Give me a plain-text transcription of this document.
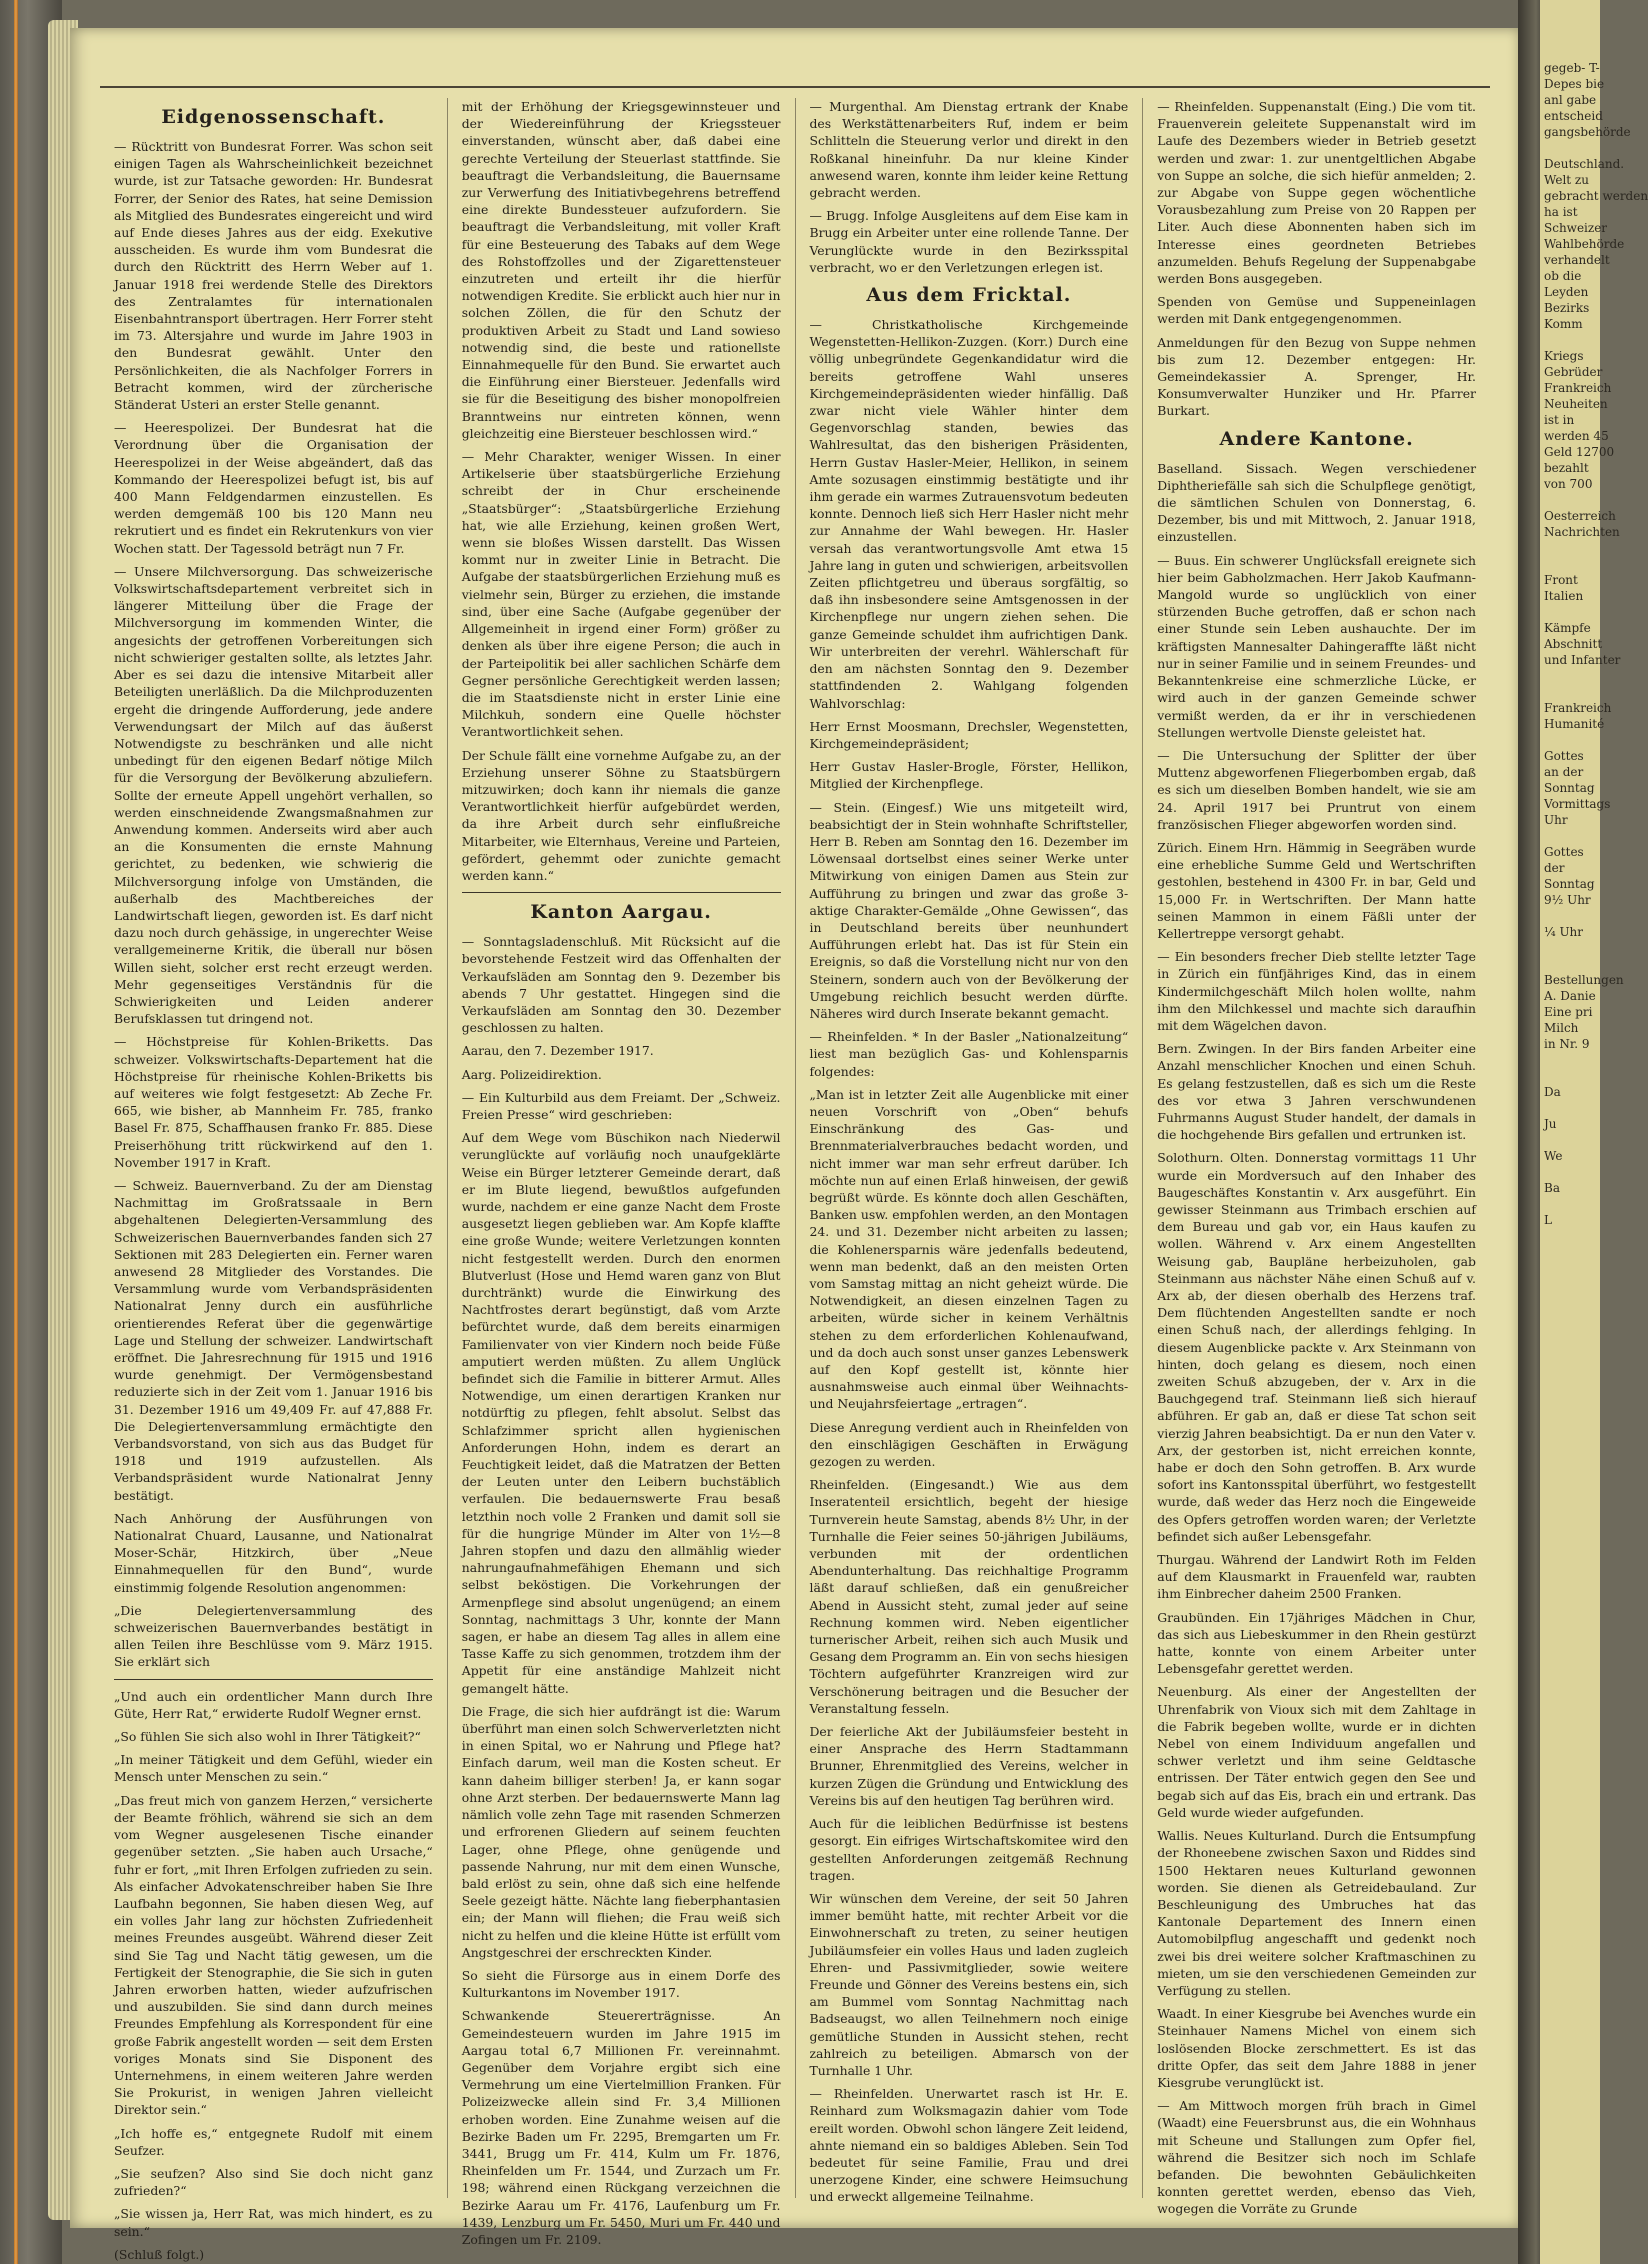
Eidgenossenschaft.

— Rücktritt von Bundesrat Forrer. Was schon seit einigen Tagen als Wahrscheinlichkeit bezeichnet wurde, ist zur Tatsache geworden: Hr. Bundesrat Forrer, der Senior des Rates, hat seine Demission als Mitglied des Bundesrates eingereicht und wird auf Ende dieses Jahres aus der eidg. Exekutive ausscheiden. Es wurde ihm vom Bundesrat die durch den Rücktritt des Herrn Weber auf 1. Januar 1918 frei werdende Stelle des Direktors des Zentralamtes für internationalen Eisenbahntransport übertragen. Herr Forrer steht im 73. Altersjahre und wurde im Jahre 1903 in den Bundesrat gewählt. Unter den Persönlichkeiten, die als Nachfolger Forrers in Betracht kommen, wird der zürcherische Ständerat Usteri an erster Stelle genannt.

— Heerespolizei. Der Bundesrat hat die Verordnung über die Organisation der Heerespolizei in der Weise abgeändert, daß das Kommando der Heerespolizei befugt ist, bis auf 400 Mann Feldgendarmen einzustellen. Es werden demgemäß 100 bis 120 Mann neu rekrutiert und es findet ein Rekrutenkurs von vier Wochen statt. Der Tagessold beträgt nun 7 Fr.

— Unsere Milchversorgung. Das schweizerische Volkswirtschaftsdepartement verbreitet sich in längerer Mitteilung über die Frage der Milchversorgung im kommenden Winter, die angesichts der getroffenen Vorbereitungen sich nicht schwieriger gestalten sollte, als letztes Jahr. Aber es sei dazu die intensive Mitarbeit aller Beteiligten unerläßlich. Da die Milchproduzenten ergeht die dringende Aufforderung, jede andere Verwendungsart der Milch auf das äußerst Notwendigste zu beschränken und alle nicht unbedingt für den eigenen Bedarf nötige Milch für die Versorgung der Bevölkerung abzuliefern. Sollte der erneute Appell ungehört verhallen, so werden einschneidende Zwangsmaßnahmen zur Anwendung kommen. Anderseits wird aber auch an die Konsumenten die ernste Mahnung gerichtet, zu bedenken, wie schwierig die Milchversorgung infolge von Umständen, die außerhalb des Machtbereiches der Landwirtschaft liegen, geworden ist. Es darf nicht dazu noch durch gehässige, in ungerechter Weise verallgemeinerne Kritik, die überall nur bösen Willen sieht, solcher erst recht erzeugt werden. Mehr gegenseitiges Verständnis für die Schwierigkeiten und Leiden anderer Berufsklassen tut dringend not.

— Höchstpreise für Kohlen-Briketts. Das schweizer. Volkswirtschafts-Departement hat die Höchstpreise für rheinische Kohlen-Briketts bis auf weiteres wie folgt festgesetzt: Ab Zeche Fr. 665, wie bisher, ab Mannheim Fr. 785, franko Basel Fr. 875, Schaffhausen franko Fr. 885. Diese Preiserhöhung tritt rückwirkend auf den 1. November 1917 in Kraft.

— Schweiz. Bauernverband. Zu der am Dienstag Nachmittag im Großratssaale in Bern abgehaltenen Delegierten-Versammlung des Schweizerischen Bauernverbandes fanden sich 27 Sektionen mit 283 Delegierten ein. Ferner waren anwesend 28 Mitglieder des Vorstandes. Die Versammlung wurde vom Verbandspräsidenten Nationalrat Jenny durch ein ausführliche orientierendes Referat über die gegenwärtige Lage und Stellung der schweizer. Landwirtschaft eröffnet. Die Jahresrechnung für 1915 und 1916 wurde genehmigt. Der Vermögensbestand reduzierte sich in der Zeit vom 1. Januar 1916 bis 31. Dezember 1916 um 49,409 Fr. auf 47,888 Fr. Die Delegiertenversammlung ermächtigte den Verbandsvorstand, von sich aus das Budget für 1918 und 1919 aufzustellen. Als Verbandspräsident wurde Nationalrat Jenny bestätigt.

Nach Anhörung der Ausführungen von Nationalrat Chuard, Lausanne, und Nationalrat Moser-Schär, Hitzkirch, über „Neue Einnahmequellen für den Bund“, wurde einstimmig folgende Resolution angenommen:

„Die Delegiertenversammlung des schweizerischen Bauernverbandes bestätigt in allen Teilen ihre Beschlüsse vom 9. März 1915. Sie erklärt sich

„Und auch ein ordentlicher Mann durch Ihre Güte, Herr Rat,“ erwiderte Rudolf Wegner ernst.

„So fühlen Sie sich also wohl in Ihrer Tätigkeit?“

„In meiner Tätigkeit und dem Gefühl, wieder ein Mensch unter Menschen zu sein.“

„Das freut mich von ganzem Herzen,“ versicherte der Beamte fröhlich, während sie sich an dem vom Wegner ausgelesenen Tische einander gegenüber setzten. „Sie haben auch Ursache,“ fuhr er fort, „mit Ihren Erfolgen zufrieden zu sein. Als einfacher Advokatenschreiber haben Sie Ihre Laufbahn begonnen, Sie haben diesen Weg, auf ein volles Jahr lang zur höchsten Zufriedenheit meines Freundes ausgeübt. Während dieser Zeit sind Sie Tag und Nacht tätig gewesen, um die Fertigkeit der Stenographie, die Sie sich in guten Jahren erworben hatten, wieder aufzufrischen und auszubilden. Sie sind dann durch meines Freundes Empfehlung als Korrespondent für eine große Fabrik angestellt worden — seit dem Ersten voriges Monats sind Sie Disponent des Unternehmens, in einem weiteren Jahre werden Sie Prokurist, in wenigen Jahren vielleicht Direktor sein.“

„Ich hoffe es,“ entgegnete Rudolf mit einem Seufzer.

„Sie seufzen? Also sind Sie doch nicht ganz zufrieden?“

„Sie wissen ja, Herr Rat, was mich hindert, es zu sein.“

(Schluß folgt.)

mit der Erhöhung der Kriegsgewinnsteuer und der Wiedereinführung der Kriegssteuer einverstanden, wünscht aber, daß dabei eine gerechte Verteilung der Steuerlast stattfinde. Sie beauftragt die Verbandsleitung, die Bauernsame zur Verwerfung des Initiativbegehrens betreffend eine direkte Bundessteuer aufzufordern. Sie beauftragt die Verbandsleitung, mit voller Kraft für eine Besteuerung des Tabaks auf dem Wege des Rohstoffzolles und der Zigarettensteuer einzutreten und erteilt ihr die hierfür notwendigen Kredite. Sie erblickt auch hier nur in solchen Zöllen, die für den Schutz der produktiven Arbeit zu Stadt und Land sowieso notwendig sind, die beste und rationellste Einnahmequelle für den Bund. Sie erwartet auch die Einführung einer Biersteuer. Jedenfalls wird sie für die Beseitigung des bisher monopolfreien Branntweins nur eintreten können, wenn gleichzeitig eine Biersteuer beschlossen wird.“

— Mehr Charakter, weniger Wissen. In einer Artikelserie über staatsbürgerliche Erziehung schreibt der in Chur erscheinende „Staatsbürger“: „Staatsbürgerliche Erziehung hat, wie alle Erziehung, keinen großen Wert, wenn sie bloßes Wissen darstellt. Das Wissen kommt nur in zweiter Linie in Betracht. Die Aufgabe der staatsbürgerlichen Erziehung muß es vielmehr sein, Bürger zu erziehen, die imstande sind, über eine Sache (Aufgabe gegenüber der Allgemeinheit in irgend einer Form) größer zu denken als über ihre eigene Person; die auch in der Parteipolitik bei aller sachlichen Schärfe dem Gegner persönliche Gerechtigkeit werden lassen; die im Staatsdienste nicht in erster Linie eine Milchkuh, sondern eine Quelle höchster Verantwortlichkeit sehen.

Der Schule fällt eine vornehme Aufgabe zu, an der Erziehung unserer Söhne zu Staatsbürgern mitzuwirken; doch kann ihr niemals die ganze Verantwortlichkeit hierfür aufgebürdet werden, da ihre Arbeit durch sehr einflußreiche Mitarbeiter, wie Elternhaus, Vereine und Parteien, gefördert, gehemmt oder zunichte gemacht werden kann.“

Kanton Aargau.

— Sonntagsladenschluß. Mit Rücksicht auf die bevorstehende Festzeit wird das Offenhalten der Verkaufsläden am Sonntag den 9. Dezember bis abends 7 Uhr gestattet. Hingegen sind die Verkaufsläden am Sonntag den 30. Dezember geschlossen zu halten.

Aarau, den 7. Dezember 1917.

Aarg. Polizeidirektion.

— Ein Kulturbild aus dem Freiamt. Der „Schweiz. Freien Presse“ wird geschrieben:

Auf dem Wege vom Büschikon nach Niederwil verunglückte auf vorläufig noch unaufgeklärte Weise ein Bürger letzterer Gemeinde derart, daß er im Blute liegend, bewußtlos aufgefunden wurde, nachdem er eine ganze Nacht dem Froste ausgesetzt liegen geblieben war. Am Kopfe klaffte eine große Wunde; weitere Verletzungen konnten nicht festgestellt werden. Durch den enormen Blutverlust (Hose und Hemd waren ganz von Blut durchtränkt) wurde die Einwirkung des Nachtfrostes derart begünstigt, daß vom Arzte befürchtet wurde, daß dem bereits einarmigen Familienvater von vier Kindern noch beide Füße amputiert werden müßten. Zu allem Unglück befindet sich die Familie in bitterer Armut. Alles Notwendige, um einen derartigen Kranken nur notdürftig zu pflegen, fehlt absolut. Selbst das Schlafzimmer spricht allen hygienischen Anforderungen Hohn, indem es derart an Feuchtigkeit leidet, daß die Matratzen der Betten der Leuten unter den Leibern buchstäblich verfaulen. Die bedauernswerte Frau besaß letzthin noch volle 2 Franken und damit soll sie für die hungrige Münder im Alter von 1½—8 Jahren stopfen und dazu den allmählig wieder nahrungaufnahmefähigen Ehemann und sich selbst beköstigen. Die Vorkehrungen der Armenpflege sind absolut ungenügend; an einem Sonntag, nachmittags 3 Uhr, konnte der Mann sagen, er habe an diesem Tag alles in allem eine Tasse Kaffe zu sich genommen, trotzdem ihm der Appetit für eine anständige Mahlzeit nicht gemangelt hätte.

Die Frage, die sich hier aufdrängt ist die: Warum überführt man einen solch Schwerverletzten nicht in einen Spital, wo er Nahrung und Pflege hat? Einfach darum, weil man die Kosten scheut. Er kann daheim billiger sterben! Ja, er kann sogar ohne Arzt sterben. Der bedauernswerte Mann lag nämlich volle zehn Tage mit rasenden Schmerzen und erfrorenen Gliedern auf seinem feuchten Lager, ohne Pflege, ohne genügende und passende Nahrung, nur mit dem einen Wunsche, bald erlöst zu sein, ohne daß sich eine helfende Seele gezeigt hätte. Nächte lang fieberphantasien ein; der Mann will fliehen; die Frau weiß sich nicht zu helfen und die kleine Hütte ist erfüllt vom Angstgeschrei der erschreckten Kinder.

So sieht die Fürsorge aus in einem Dorfe des Kulturkantons im November 1917.

Schwankende Steuererträgnisse. An Gemeindesteuern wurden im Jahre 1915 im Aargau total 6,7 Millionen Fr. vereinnahmt. Gegenüber dem Vorjahre ergibt sich eine Vermehrung um eine Viertelmillion Franken. Für Polizeizwecke allein sind Fr. 3,4 Millionen erhoben worden. Eine Zunahme weisen auf die Bezirke Baden um Fr. 2295, Bremgarten um Fr. 3441, Brugg um Fr. 414, Kulm um Fr. 1876, Rheinfelden um Fr. 1544, und Zurzach um Fr. 198; während einen Rückgang verzeichnen die Bezirke Aarau um Fr. 4176, Laufenburg um Fr. 1439, Lenzburg um Fr. 5450, Muri um Fr. 440 und Zofingen um Fr. 2109.

— Murgenthal. Am Dienstag ertrank der Knabe des Werkstättenarbeiters Ruf, indem er beim Schlitteln die Steuerung verlor und direkt in den Roßkanal hineinfuhr. Da nur kleine Kinder anwesend waren, konnte ihm leider keine Rettung gebracht werden.

— Brugg. Infolge Ausgleitens auf dem Eise kam in Brugg ein Arbeiter unter eine rollende Tanne. Der Verunglückte wurde in den Bezirksspital verbracht, wo er den Verletzungen erlegen ist.

Aus dem Fricktal.

— Christkatholische Kirchgemeinde Wegenstetten-Hellikon-Zuzgen. (Korr.) Durch eine völlig unbegründete Gegenkandidatur wird die bereits getroffene Wahl unseres Kirchgemeindepräsidenten wieder hinfällig. Daß zwar nicht viele Wähler hinter dem Gegenvorschlag standen, bewies das Wahlresultat, das den bisherigen Präsidenten, Herrn Gustav Hasler-Meier, Hellikon, in seinem Amte sozusagen einstimmig bestätigte und ihr ihm gerade ein warmes Zutrauensvotum bedeuten konnte. Dennoch ließ sich Herr Hasler nicht mehr zur Annahme der Wahl bewegen. Hr. Hasler versah das verantwortungsvolle Amt etwa 15 Jahre lang in guten und schwierigen, arbeitsvollen Zeiten pflichtgetreu und überaus sorgfältig, so daß ihn insbesondere seine Amtsgenossen in der Kirchenpflege nur ungern ziehen sehen. Die ganze Gemeinde schuldet ihm aufrichtigen Dank. Wir unterbreiten der verehrl. Wählerschaft für den am nächsten Sonntag den 9. Dezember stattfindenden 2. Wahlgang folgenden Wahlvorschlag:

Herr Ernst Moosmann, Drechsler, Wegenstetten, Kirchgemeindepräsident;

Herr Gustav Hasler-Brogle, Förster, Hellikon, Mitglied der Kirchenpflege.

— Stein. (Eingesf.) Wie uns mitgeteilt wird, beabsichtigt der in Stein wohnhafte Schriftsteller, Herr B. Reben am Sonntag den 16. Dezember im Löwensaal dortselbst eines seiner Werke unter Mitwirkung von einigen Damen aus Stein zur Aufführung zu bringen und zwar das große 3-aktige Charakter-Gemälde „Ohne Gewissen“, das in Deutschland bereits über neunhundert Aufführungen erlebt hat. Das ist für Stein ein Ereignis, so daß die Vorstellung nicht nur von den Steinern, sondern auch von der Bevölkerung der Umgebung reichlich besucht werden dürfte. Näheres wird durch Inserate bekannt gemacht.

— Rheinfelden. * In der Basler „Nationalzeitung“ liest man bezüglich Gas- und Kohlensparnis folgendes:

„Man ist in letzter Zeit alle Augenblicke mit einer neuen Vorschrift von „Oben“ behufs Einschränkung des Gas- und Brennmaterialverbrauches bedacht worden, und nicht immer war man sehr erfreut darüber. Ich möchte nun auf einen Erlaß hinweisen, der gewiß begrüßt würde. Es könnte doch allen Geschäften, Banken usw. empfohlen werden, an den Montagen 24. und 31. Dezember nicht arbeiten zu lassen; die Kohlenersparnis wäre jedenfalls bedeutend, wenn man bedenkt, daß an den meisten Orten vom Samstag mittag an nicht geheizt würde. Die Notwendigkeit, an diesen einzelnen Tagen zu arbeiten, würde sicher in keinem Verhältnis stehen zu dem erforderlichen Kohlenaufwand, und da doch auch sonst unser ganzes Lebenswerk auf den Kopf gestellt ist, könnte hier ausnahmsweise auch einmal über Weihnachts- und Neujahrsfeiertage „ertragen“.

Diese Anregung verdient auch in Rheinfelden von den einschlägigen Geschäften in Erwägung gezogen zu werden.

Rheinfelden. (Eingesandt.) Wie aus dem Inseratenteil ersichtlich, begeht der hiesige Turnverein heute Samstag, abends 8½ Uhr, in der Turnhalle die Feier seines 50-jährigen Jubiläums, verbunden mit der ordentlichen Abendunterhaltung. Das reichhaltige Programm läßt darauf schließen, daß ein genußreicher Abend in Aussicht steht, zumal jeder auf seine Rechnung kommen wird. Neben eigentlicher turnerischer Arbeit, reihen sich auch Musik und Gesang dem Programm an. Ein von sechs hiesigen Töchtern aufgeführter Kranzreigen wird zur Verschönerung beitragen und die Besucher der Veranstaltung fesseln.

Der feierliche Akt der Jubiläumsfeier besteht in einer Ansprache des Herrn Stadtammann Brunner, Ehrenmitglied des Vereins, welcher in kurzen Zügen die Gründung und Entwicklung des Vereins bis auf den heutigen Tag berühren wird.

Auch für die leiblichen Bedürfnisse ist bestens gesorgt. Ein eifriges Wirtschaftskomitee wird den gestellten Anforderungen zeitgemäß Rechnung tragen.

Wir wünschen dem Vereine, der seit 50 Jahren immer bemüht hatte, mit rechter Arbeit vor die Einwohnerschaft zu treten, zu seiner heutigen Jubiläumsfeier ein volles Haus und laden zugleich Ehren- und Passivmitglieder, sowie weitere Freunde und Gönner des Vereins bestens ein, sich am Bummel vom Sonntag Nachmittag nach Badseaugst, wo allen Teilnehmern noch einige gemütliche Stunden in Aussicht stehen, recht zahlreich zu beteiligen. Abmarsch von der Turnhalle 1 Uhr.

— Rheinfelden. Unerwartet rasch ist Hr. E. Reinhard zum Wolksmagazin dahier vom Tode ereilt worden. Obwohl schon längere Zeit leidend, ahnte niemand ein so baldiges Ableben. Sein Tod bedeutet für seine Familie, Frau und drei unerzogene Kinder, eine schwere Heimsuchung und erweckt allgemeine Teilnahme.

— Rheinfelden. Suppenanstalt (Eing.) Die vom tit. Frauenverein geleitete Suppenanstalt wird im Laufe des Dezembers wieder in Betrieb gesetzt werden und zwar: 1. zur unentgeltlichen Abgabe von Suppe an solche, die sich hiefür anmelden; 2. zur Abgabe von Suppe gegen wöchentliche Vorausbezahlung zum Preise von 20 Rappen per Liter. Auch diese Abonnenten haben sich im Interesse eines geordneten Betriebes anzumelden. Behufs Regelung der Suppenabgabe werden Bons ausgegeben.

Spenden von Gemüse und Suppeneinlagen werden mit Dank entgegengenommen.

Anmeldungen für den Bezug von Suppe nehmen bis zum 12. Dezember entgegen: Hr. Gemeindekassier A. Sprenger, Hr. Konsumverwalter Hunziker und Hr. Pfarrer Burkart.

Andere Kantone.

Baselland. Sissach. Wegen verschiedener Diphtheriefälle sah sich die Schulpflege genötigt, die sämtlichen Schulen von Donnerstag, 6. Dezember, bis und mit Mittwoch, 2. Januar 1918, einzustellen.

— Buus. Ein schwerer Unglücksfall ereignete sich hier beim Gabholzmachen. Herr Jakob Kaufmann-Mangold wurde so unglücklich von einer stürzenden Buche getroffen, daß er schon nach einer Stunde sein Leben aushauchte. Der im kräftigsten Mannesalter Dahingeraffte läßt nicht nur in seiner Familie und in seinem Freundes- und Bekanntenkreise eine schmerzliche Lücke, er wird auch in der ganzen Gemeinde schwer vermißt werden, da er ihr in verschiedenen Stellungen wertvolle Dienste geleistet hat.

— Die Untersuchung der Splitter der über Muttenz abgeworfenen Fliegerbomben ergab, daß es sich um dieselben Bomben handelt, wie sie am 24. April 1917 bei Pruntrut von einem französischen Flieger abgeworfen worden sind.

Zürich. Einem Hrn. Hämmig in Seegräben wurde eine erhebliche Summe Geld und Wertschriften gestohlen, bestehend in 4300 Fr. in bar, Geld und 15,000 Fr. in Wertschriften. Der Mann hatte seinen Mammon in einem Fäßli unter der Kellertreppe versorgt gehabt.

— Ein besonders frecher Dieb stellte letzter Tage in Zürich ein fünfjähriges Kind, das in einem Kindermilchgeschäft Milch holen wollte, nahm ihm den Milchkessel und machte sich daraufhin mit dem Wägelchen davon.

Bern. Zwingen. In der Birs fanden Arbeiter eine Anzahl menschlicher Knochen und einen Schuh. Es gelang festzustellen, daß es sich um die Reste des vor etwa 3 Jahren verschwundenen Fuhrmanns August Studer handelt, der damals in die hochgehende Birs gefallen und ertrunken ist.

Solothurn. Olten. Donnerstag vormittags 11 Uhr wurde ein Mordversuch auf den Inhaber des Baugeschäftes Konstantin v. Arx ausgeführt. Ein gewisser Steinmann aus Trimbach erschien auf dem Bureau und gab vor, ein Haus kaufen zu wollen. Während v. Arx einem Angestellten Weisung gab, Baupläne herbeizuholen, gab Steinmann aus nächster Nähe einen Schuß auf v. Arx ab, der diesen oberhalb des Herzens traf. Dem flüchtenden Angestellten sandte er noch einen Schuß nach, der allerdings fehlging. In diesem Augenblicke packte v. Arx Steinmann von hinten, doch gelang es diesem, noch einen zweiten Schuß abzugeben, der v. Arx in die Bauchgegend traf. Steinmann ließ sich hierauf abführen. Er gab an, daß er diese Tat schon seit vierzig Jahren beabsichtigt. Da er nun den Vater v. Arx, der gestorben ist, nicht erreichen konnte, habe er doch den Sohn getroffen. B. Arx wurde sofort ins Kantonsspital überführt, wo festgestellt wurde, daß weder das Herz noch die Eingeweide des Opfers getroffen worden waren; der Verletzte befindet sich außer Lebensgefahr.

Thurgau. Während der Landwirt Roth im Felden auf dem Klausmarkt in Frauenfeld war, raubten ihm Einbrecher daheim 2500 Franken.

Graubünden. Ein 17jähriges Mädchen in Chur, das sich aus Liebeskummer in den Rhein gestürzt hatte, konnte von einem Arbeiter unter Lebensgefahr gerettet werden.

Neuenburg. Als einer der Angestellten der Uhrenfabrik von Vioux sich mit dem Zahltage in die Fabrik begeben wollte, wurde er in dichten Nebel von einem Individuum angefallen und schwer verletzt und ihm seine Geldtasche entrissen. Der Täter entwich gegen den See und begab sich auf das Eis, brach ein und ertrank. Das Geld wurde wieder aufgefunden.

Wallis. Neues Kulturland. Durch die Entsumpfung der Rhoneebene zwischen Saxon und Riddes sind 1500 Hektaren neues Kulturland gewonnen worden. Sie dienen als Getreidebauland. Zur Beschleunigung des Umbruches hat das Kantonale Departement des Innern einen Automobilpflug angeschafft und gedenkt noch zwei bis drei weitere solcher Kraftmaschinen zu mieten, um sie den verschiedenen Gemeinden zur Verfügung zu stellen.

Waadt. In einer Kiesgrube bei Avenches wurde ein Steinhauer Namens Michel von einem sich loslösenden Blocke zerschmettert. Es ist das dritte Opfer, das seit dem Jahre 1888 in jener Kiesgrube verunglückt ist.

— Am Mittwoch morgen früh brach in Gimel (Waadt) eine Feuersbrunst aus, die ein Wohnhaus mit Scheune und Stallungen zum Opfer fiel, während die Besitzer sich noch im Schlafe befanden. Die bewohnten Gebäulichkeiten konnten gerettet werden, ebenso das Vieh, wogegen die Vorräte zu Grunde

gegeb- T-
Depes bie
anl gabe
entscheid
gangsbehörde

Deutschland.
Welt zu
gebracht werden
ha ist
Schweizer
Wahlbehörde
verhandelt
ob die
Leyden
Bezirks
Komm

Kriegs
Gebrüder
Frankreich
Neuheiten
ist in
werden 45
Geld 12700
bezahlt
von 700

Oesterreich
Nachrichten

Front
Italien

Kämpfe
Abschnitt
und Infanter

Frankreich
Humanité

Gottes
an der
Sonntag
Vormittags
Uhr

Gottes
der
Sonntag
9½ Uhr

¼ Uhr

Bestellungen
A. Danie
Eine pri
Milch
in Nr. 9

Da

Ju

We

Ba

L
